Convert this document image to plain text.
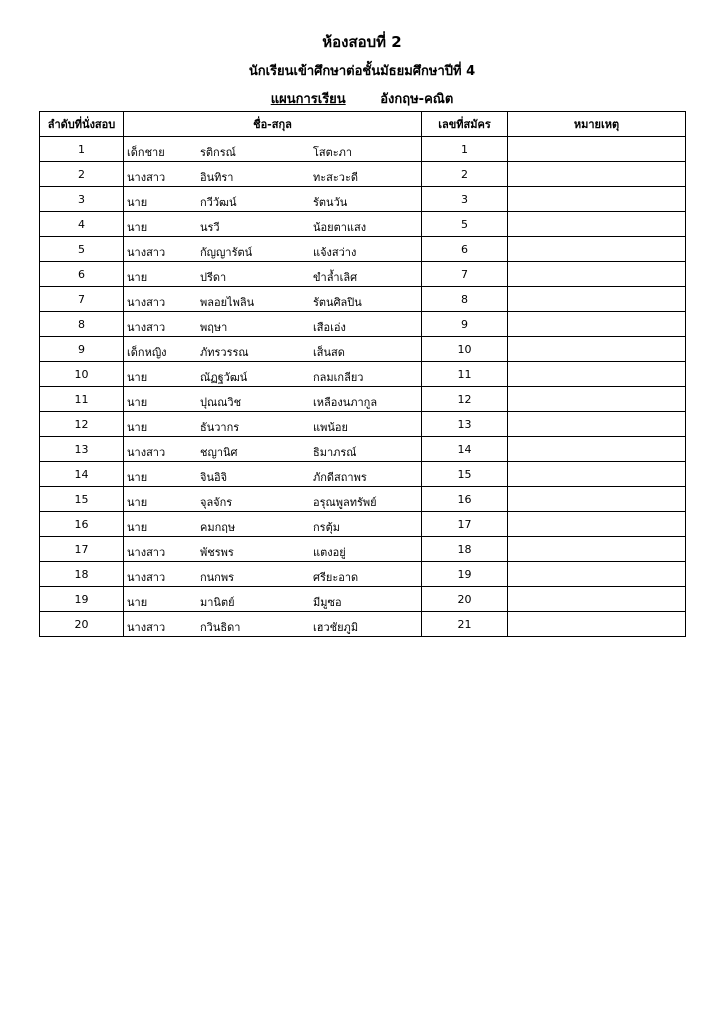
ห้องสอบที่ 2
นักเรียนเข้าศึกษาต่อชั้นมัธยมศึกษาปีที่ 4
แผนการเรียน	อังกฤษ-คณิต
ลำดับที่นั่งสอบ	ชื่อ-สกุล	เลขที่สมัคร	หมายเหตุ
1	เด็กชาย รติกรณ์ โสตะภา	1	
2	นางสาว อินทิรา ทะสะวะดี	2	
3	นาย กวีวัฒน์ รัตนวัน	3	
4	นาย นรวี น้อยตาแสง	5	
5	นางสาว กัญญารัตน์ แจ้งสว่าง	6	
6	นาย ปรีดา ขำล้ำเลิศ	7	
7	นางสาว พลอยไพลิน รัตนศิลปิน	8	
8	นางสาว พฤษา เสือเอ่ง	9	
9	เด็กหญิง ภัทรวรรณ เส็นสด	10	
10	นาย ณัฏฐวัฒน์ กลมเกลียว	11	
11	นาย ปุณณวิช เหลืองนภากูล	12	
12	นาย ธันวากร แพน้อย	13	
13	นางสาว ชญานิศ ธิมาภรณ์	14	
14	นาย จินอิจิ ภักดีสถาพร	15	
15	นาย จุลจักร อรุณพูลทรัพย์	16	
16	นาย คมกฤษ กรตุ้ม	17	
17	นางสาว พัชรพร แตงอยู่	18	
18	นางสาว กนกพร ศรียะอาด	19	
19	นาย มานิตย์ มีมูซอ	20	
20	นางสาว กวินธิดา เฮวชัยภูมิ	21	
